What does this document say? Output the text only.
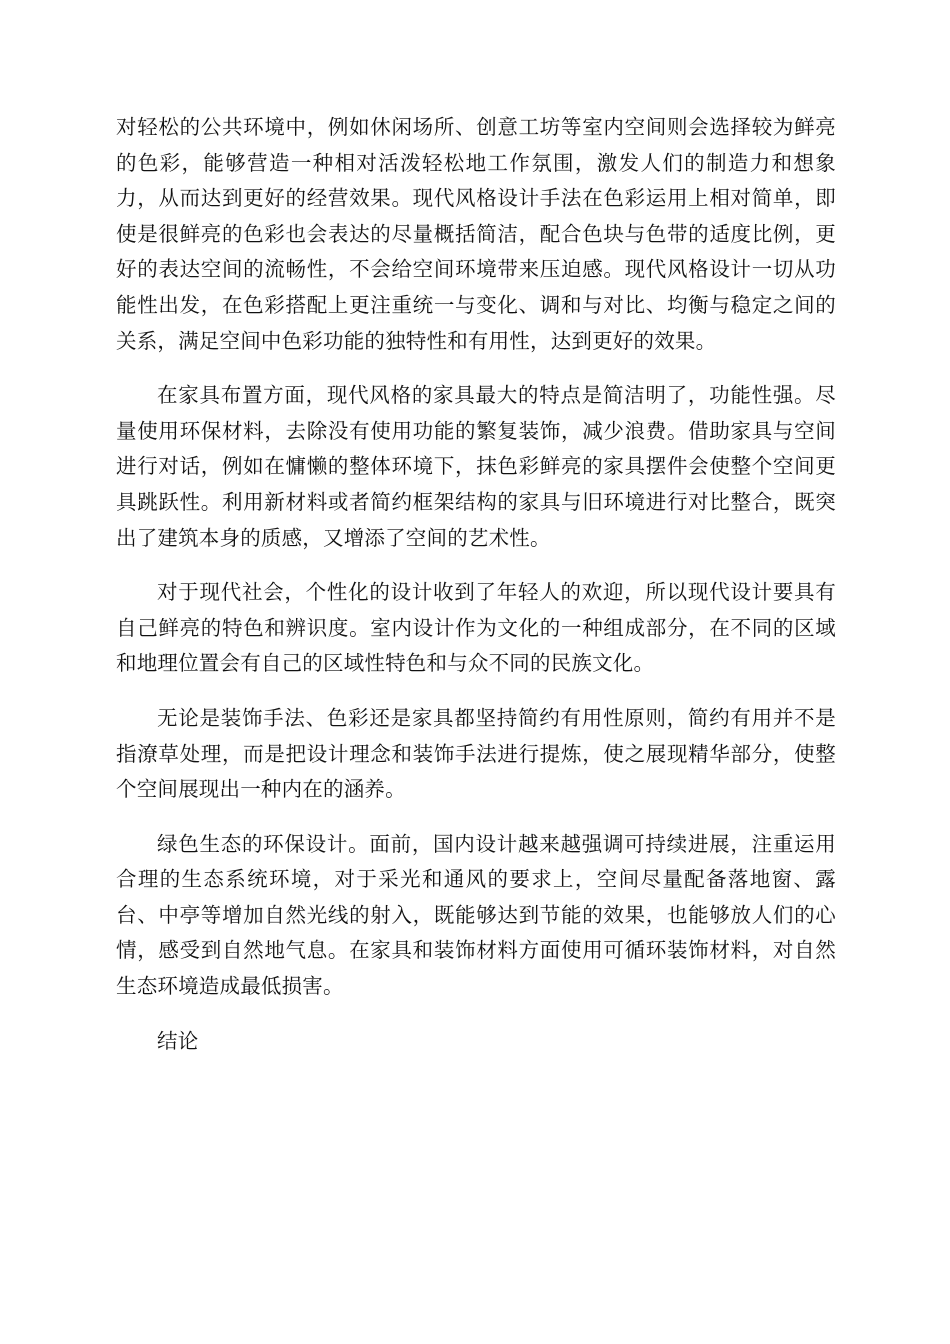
对轻松的公共环境中，例如休闲场所、创意工坊等室内空间则会选择较为鲜亮的色彩，能够营造一种相对活泼轻松地工作氛围，激发人们的制造力和想象力，从而达到更好的经营效果。现代风格设计手法在色彩运用上相对简单，即使是很鲜亮的色彩也会表达的尽量概括简洁，配合色块与色带的适度比例，更好的表达空间的流畅性，不会给空间环境带来压迫感。现代风格设计一切从功能性出发，在色彩搭配上更注重统一与变化、调和与对比、均衡与稳定之间的关系，满足空间中色彩功能的独特性和有用性，达到更好的效果。

在家具布置方面，现代风格的家具最大的特点是简洁明了，功能性强。尽量使用环保材料，去除没有使用功能的繁复装饰，减少浪费。借助家具与空间进行对话，例如在慵懒的整体环境下，抹色彩鲜亮的家具摆件会使整个空间更具跳跃性。利用新材料或者简约框架结构的家具与旧环境进行对比整合，既突出了建筑本身的质感，又增添了空间的艺术性。

对于现代社会，个性化的设计收到了年轻人的欢迎，所以现代设计要具有自己鲜亮的特色和辨识度。室内设计作为文化的一种组成部分，在不同的区域和地理位置会有自己的区域性特色和与众不同的民族文化。

无论是装饰手法、色彩还是家具都坚持简约有用性原则，简约有用并不是指潦草处理，而是把设计理念和装饰手法进行提炼，使之展现精华部分，使整个空间展现出一种内在的涵养。

绿色生态的环保设计。面前，国内设计越来越强调可持续进展，注重运用合理的生态系统环境，对于采光和通风的要求上，空间尽量配备落地窗、露台、中亭等增加自然光线的射入，既能够达到节能的效果，也能够放人们的心情，感受到自然地气息。在家具和装饰材料方面使用可循环装饰材料，对自然生态环境造成最低损害。

结论
